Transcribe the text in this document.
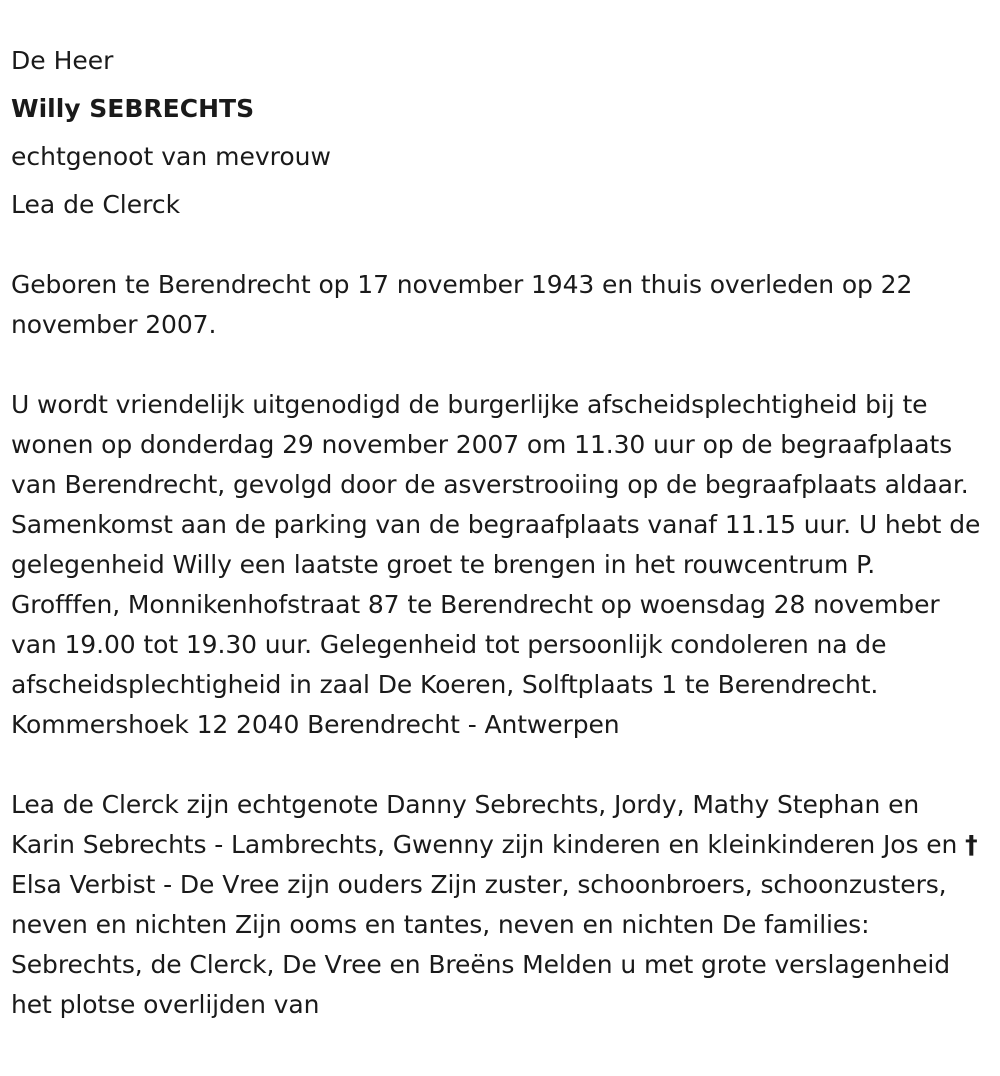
De Heer

Willy SEBRECHTS

echtgenoot van mevrouw

Lea de Clerck

Geboren te Berendrecht op 17 november 1943 en thuis overleden op 22 november 2007.

U wordt vriendelijk uitgenodigd de burgerlijke afscheidsplechtigheid bij te wonen op donderdag 29 november 2007 om 11.30 uur op de begraafplaats van Berendrecht, gevolgd door de asverstrooiing op de begraafplaats aldaar. Samenkomst aan de parking van de begraafplaats vanaf 11.15 uur. U hebt de gelegenheid Willy een laatste groet te brengen in het rouwcentrum P. Grofffen, Monnikenhofstraat 87 te Berendrecht op woensdag 28 november van 19.00 tot 19.30 uur. Gelegenheid tot persoonlijk condoleren na de afscheidsplechtigheid in zaal De Koeren, Solftplaats 1 te Berendrecht. Kommershoek 12 2040 Berendrecht - Antwerpen

Lea de Clerck zijn echtgenote Danny Sebrechts, Jordy, Mathy Stephan en Karin Sebrechts - Lambrechts, Gwenny zijn kinderen en kleinkinderen Jos en † Elsa Verbist - De Vree zijn ouders Zijn zuster, schoonbroers, schoonzusters, neven en nichten Zijn ooms en tantes, neven en nichten De families: Sebrechts, de Clerck, De Vree en Breëns Melden u met grote verslagenheid het plotse overlijden van
